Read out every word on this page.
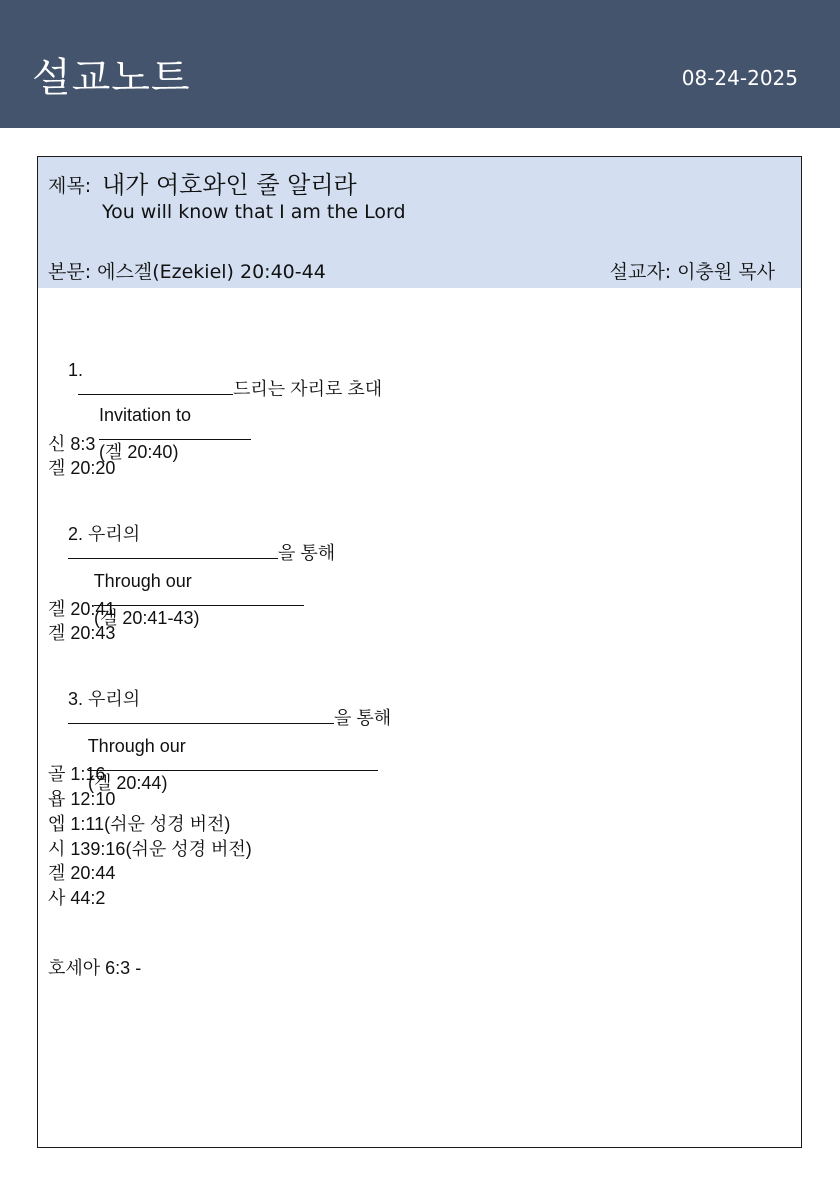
설교노트	08-24-2025
제목: 내가 여호와인 줄 알리라
You will know that I am the Lord
본문: 에스겔(Ezekiel) 20:40-44	설교자: 이충원 목사

1.
드리는 자리로 초대

Invitation to

(겔 20:40)

신 8:3
겔 20:20

2. 우리의
을 통해

Through our

(겔 20:41-43)

겔 20:41
겔 20:43

3. 우리의
을 통해

Through our

(겔 20:44)

골 1:16
욥 12:10
엡 1:11(쉬운 성경 버전)
시 139:16(쉬운 성경 버전)
겔 20:44
사 44:2
호세아 6:3 -
